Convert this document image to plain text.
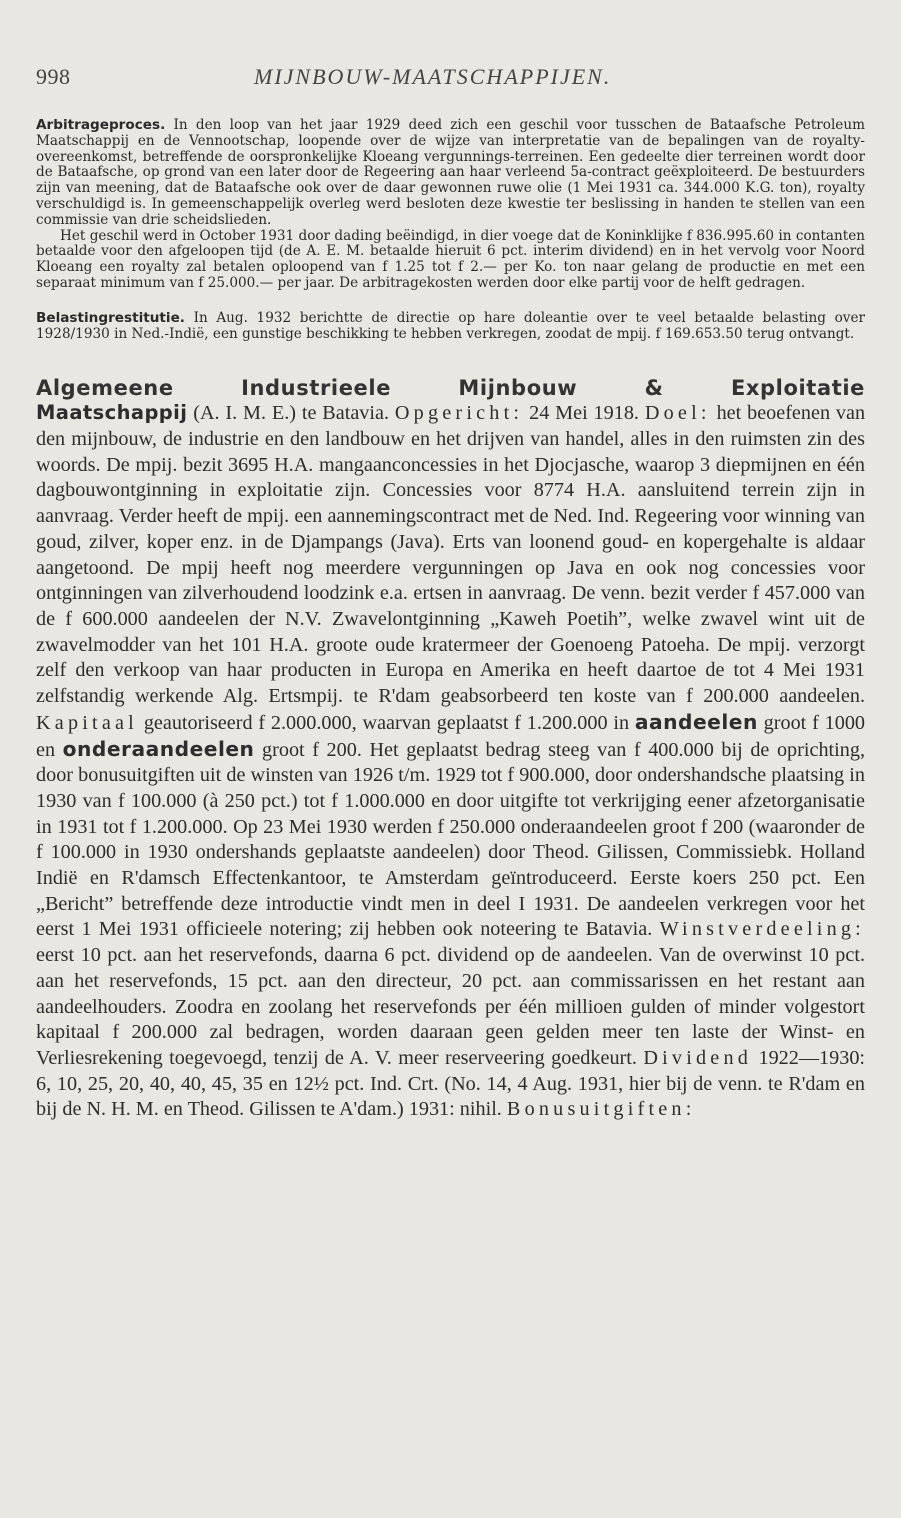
998	MIJNBOUW-MAATSCHAPPIJEN.

Arbitrageproces. In den loop van het jaar 1929 deed zich een geschil voor tusschen de Bataafsche Petroleum Maatschappij en de Vennootschap, loopende over de wijze van interpretatie van de bepalingen van de royalty-overeenkomst, betreffende de oorspronkelijke Kloeang vergunnings-terreinen. Een gedeelte dier terreinen wordt door de Bataafsche, op grond van een later door de Regeering aan haar verleend 5a-contract geëxploiteerd. De bestuurders zijn van meening, dat de Bataafsche ook over de daar gewonnen ruwe olie (1 Mei 1931 ca. 344.000 K.G. ton), royalty verschuldigd is. In gemeenschappelijk overleg werd besloten deze kwestie ter beslissing in handen te stellen van een commissie van drie scheidslieden.

Het geschil werd in October 1931 door dading beëindigd, in dier voege dat de Koninklijke f 836.995.60 in contanten betaalde voor den afgeloopen tijd (de A. E. M. betaalde hieruit 6 pct. interim dividend) en in het vervolg voor Noord Kloeang een royalty zal betalen oploopend van f 1.25 tot f 2.— per Ko. ton naar gelang de productie en met een separaat minimum van f 25.000.— per jaar. De arbitragekosten werden door elke partij voor de helft gedragen.

Belastingrestitutie. In Aug. 1932 berichtte de directie op hare doleantie over te veel betaalde belasting over 1928/1930 in Ned.-Indië, een gunstige beschikking te hebben verkregen, zoodat de mpij. f 169.653.50 terug ontvangt.

Algemeene Industrieele Mijnbouw & Exploitatie

Maatschappij (A. I. M. E.) te Batavia. Opgericht: 24 Mei 1918. Doel: het beoefenen van den mijnbouw, de industrie en den landbouw en het drijven van handel, alles in den ruimsten zin des woords. De mpij. bezit 3695 H.A. mangaanconcessies in het Djocjasche, waarop 3 diepmijnen en één dagbouwontginning in exploitatie zijn. Concessies voor 8774 H.A. aansluitend terrein zijn in aanvraag. Verder heeft de mpij. een aannemingscontract met de Ned. Ind. Regeering voor winning van goud, zilver, koper enz. in de Djampangs (Java). Erts van loonend goud- en kopergehalte is aldaar aangetoond. De mpij heeft nog meerdere vergunningen op Java en ook nog concessies voor ontginningen van zilverhoudend loodzink e.a. ertsen in aanvraag. De venn. bezit verder f 457.000 van de f 600.000 aandeelen der N.V. Zwavelontginning „Kaweh Poetih”, welke zwavel wint uit de zwavelmodder van het 101 H.A. groote oude kratermeer der Goenoeng Patoeha. De mpij. verzorgt zelf den verkoop van haar producten in Europa en Amerika en heeft daartoe de tot 4 Mei 1931 zelfstandig werkende Alg. Ertsmpij. te R'dam geabsorbeerd ten koste van f 200.000 aandeelen. Kapitaal geautoriseerd f 2.000.000, waarvan geplaatst f 1.200.000 in aandeelen groot f 1000 en onderaandeelen groot f 200. Het geplaatst bedrag steeg van f 400.000 bij de oprichting, door bonusuitgiften uit de winsten van 1926 t/m. 1929 tot f 900.000, door ondershandsche plaatsing in 1930 van f 100.000 (à 250 pct.) tot f 1.000.000 en door uitgifte tot verkrijging eener afzetorganisatie in 1931 tot f 1.200.000. Op 23 Mei 1930 werden f 250.000 onderaandeelen groot f 200 (waaronder de f 100.000 in 1930 ondershands geplaatste aandeelen) door Theod. Gilissen, Commissiebk. Holland Indië en R'damsch Effectenkantoor, te Amsterdam geïntroduceerd. Eerste koers 250 pct. Een „Bericht” betreffende deze introductie vindt men in deel I 1931. De aandeelen verkregen voor het eerst 1 Mei 1931 officieele notering; zij hebben ook noteering te Batavia. Winstverdeeling: eerst 10 pct. aan het reservefonds, daarna 6 pct. dividend op de aandeelen. Van de overwinst 10 pct. aan het reservefonds, 15 pct. aan den directeur, 20 pct. aan commissarissen en het restant aan aandeelhouders. Zoodra en zoolang het reservefonds per één millioen gulden of minder volgestort kapitaal f 200.000 zal bedragen, worden daaraan geen gelden meer ten laste der Winst- en Verliesrekening toegevoegd, tenzij de A. V. meer reserveering goedkeurt. Dividend 1922—1930: 6, 10, 25, 20, 40, 40, 45, 35 en 12½ pct. Ind. Crt. (No. 14, 4 Aug. 1931, hier bij de venn. te R'dam en bij de N. H. M. en Theod. Gilissen te A'dam.) 1931: nihil. Bonusuitgiften:
